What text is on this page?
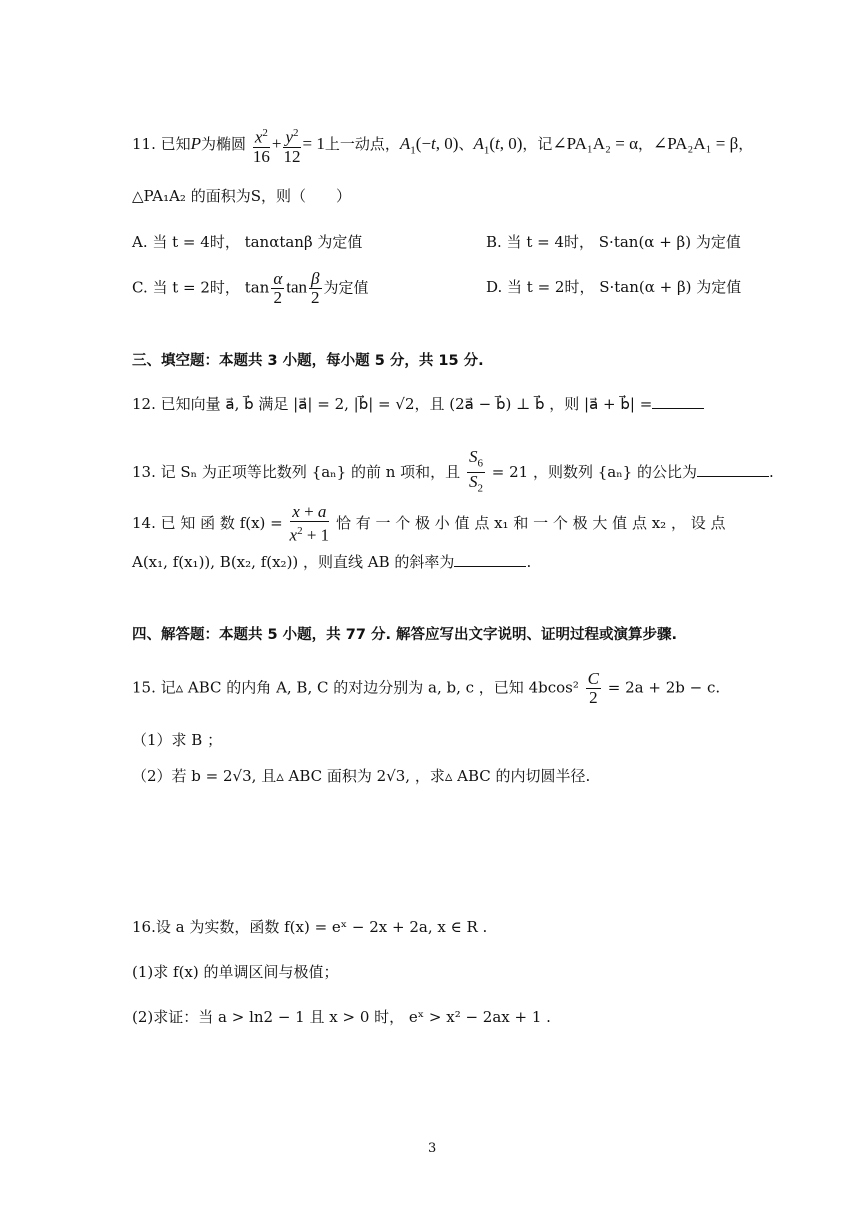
11. 已知P为椭圆 $\frac{x^2}{16} + \frac{y^2}{12} = 1$上一动点，$A_1(-t$, 0)、$A_1(t$, 0)，记∠PA₁A₂ = α，∠PA₂A₁ = β，
△PA₁A₂ 的面积为S，则（　　）
A. 当 t = 4时， tanαtanβ 为定值	B. 当 t = 4时， S·tan(α + β) 为定值
C. 当 t = 2时， $\tan \frac{\alpha}{2}$ $\tan \frac{\beta}{2}$ 为定值	D. 当 t = 2时， S·tan(α + β) 为定值
三、填空题：本题共 3 小题，每小题 5 分，共 15 分.
12. 已知向量 a⃗, b⃗ 满足 |a⃗| = 2, |b⃗| = √2，且 (2a⃗ − b⃗) ⊥ b⃗ ，则 |a⃗ + b⃗| =
13. 记 Sₙ 为正项等比数列 {aₙ} 的前 n 项和，且 $\frac{S_6}{S_2} = 21$ ，则数列 {aₙ} 的公比为	.
14. 已 知 函 数 $f(x) = \frac{x + a}{x^2 + 1}$ 恰 有 一 个 极 小 值 点 x₁ 和 一 个 极 大 值 点 x₂ ， 设 点
A(x₁, f(x₁)), B(x₂, f(x₂)) ，则直线 AB 的斜率为	.
四、解答题：本题共 5 小题，共 77 分. 解答应写出文字说明、证明过程或演算步骤.
15. 记▵ ABC 的内角 A, B, C 的对边分别为 a, b, c ，已知 $4bcos^2 \frac{C}{2} = 2a + 2b - c$.
（1）求 B ；
（2）若 b = 2√3, 且▵ ABC 面积为 2√3, ，求▵ ABC 的内切圆半径.
16.设 a 为实数，函数 f(x) = eˣ − 2x + 2a, x ∈ R .
(1)求 f(x) 的单调区间与极值；
(2)求证：当 a > ln2 − 1 且 x > 0 时， eˣ > x² − 2ax + 1 .
3
